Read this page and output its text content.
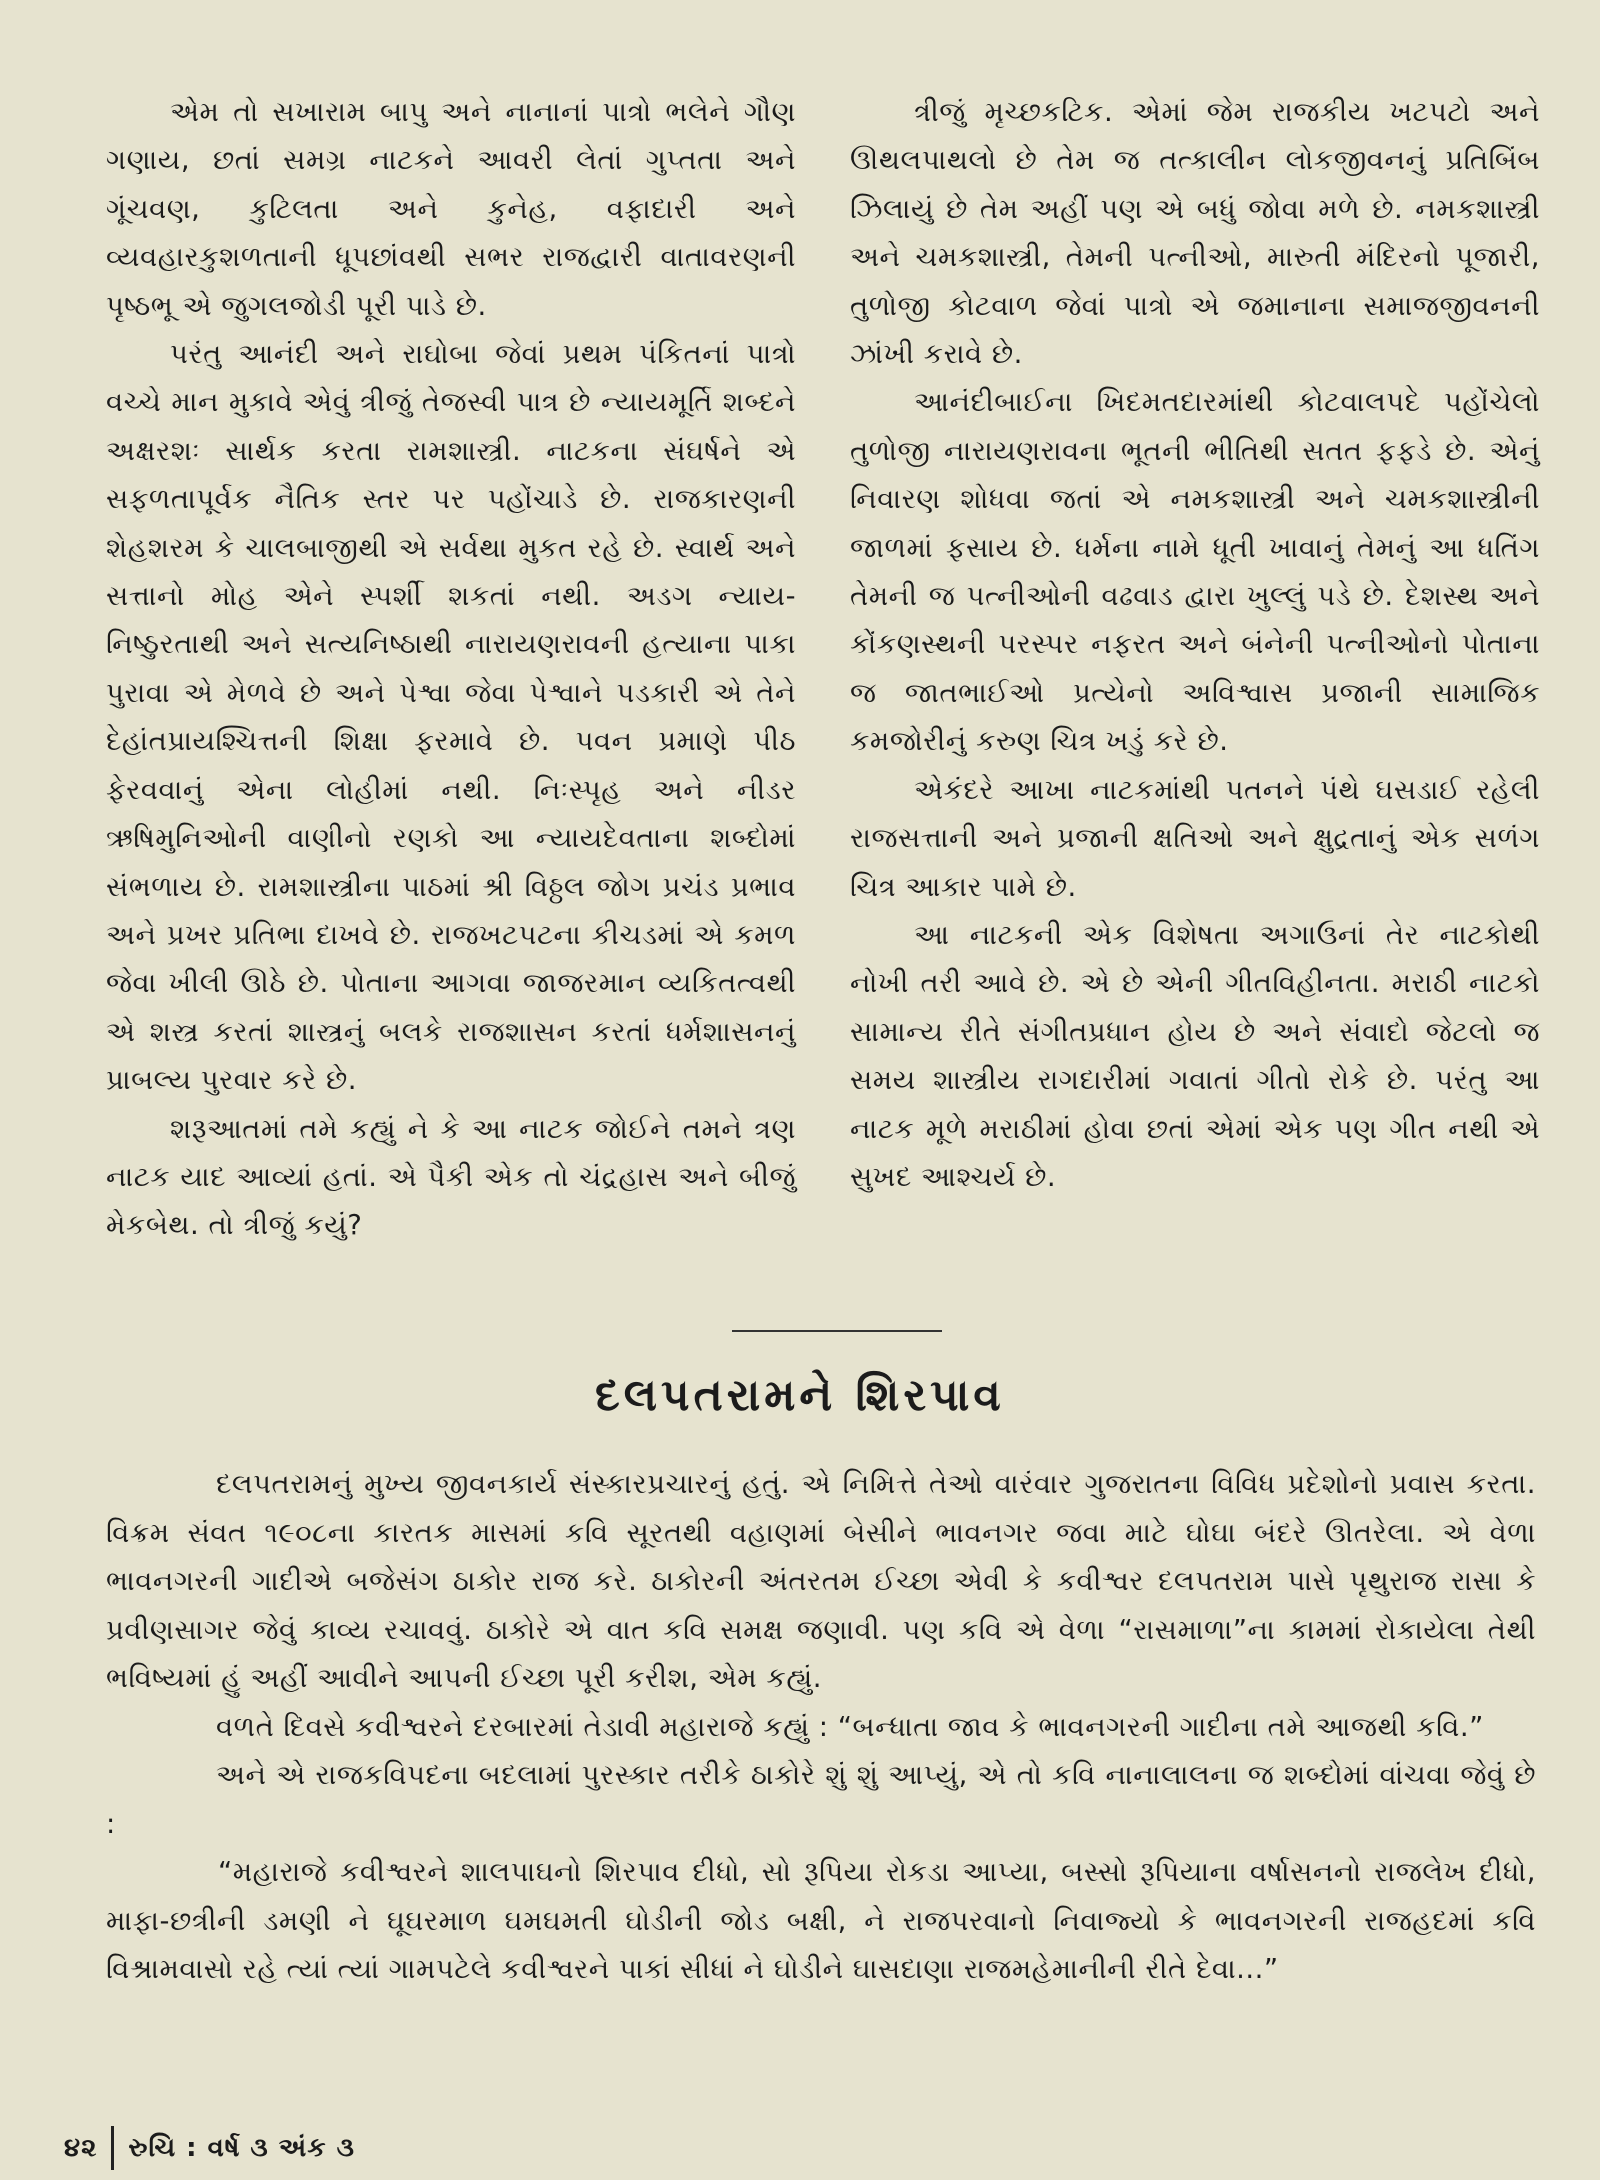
એમ તો સખારામ બાપુ અને નાનાનાં પાત્રો ભલેને ગૌણ ગણાય, છતાં સમગ્ર નાટકને આવરી લેતાં ગુપ્તતા અને ગૂંચવણ, કુટિલતા અને કુનેહ, વફાદારી અને વ્યવહારકુશળતાની ધૂપછાંવથી સભર રાજદ્વારી વાતાવરણની પૃષ્ઠભૂ એ જુગલજોડી પૂરી પાડે છે.

પરંતુ આનંદી અને રાઘોબા જેવાં પ્રથમ પંકિતનાં પાત્રો વચ્ચે માન મુકાવે એવું ત્રીજું તેજસ્વી પાત્ર છે ન્યાયમૂર્તિ શબ્દને અક્ષરશઃ સાર્થક કરતા રામશાસ્ત્રી. નાટકના સંઘર્ષને એ સફળતાપૂર્વક નૈતિક સ્તર પર પહોંચાડે છે. રાજકારણની શેહશરમ કે ચાલબાજીથી એ સર્વથા મુકત રહે છે. સ્વાર્થ અને સત્તાનો મોહ એને સ્પર્શી શકતાં નથી. અડગ ન્યાય-નિષ્ઠુરતાથી અને સત્યનિષ્ઠાથી નારાયણરાવની હત્યાના પાકા પુરાવા એ મેળવે છે અને પેશ્વા જેવા પેશ્વાને પડકારી એ તેને દેહાંતપ્રાયશ્ચિત્તની શિક્ષા ફરમાવે છે. પવન પ્રમાણે પીઠ ફેરવવાનું એના લોહીમાં નથી. નિઃસ્પૃહ અને નીડર ઋષિમુનિઓની વાણીનો રણકો આ ન્યાયદેવતાના શબ્દોમાં સંભળાય છે. રામશાસ્ત્રીના પાઠમાં શ્રી વિઠ્ઠલ જોગ પ્રચંડ પ્રભાવ અને પ્રખર પ્રતિભા દાખવે છે. રાજખટપટના કીચડમાં એ કમળ જેવા ખીલી ઊઠે છે. પોતાના આગવા જાજરમાન વ્યકિતત્વથી એ શસ્ત્ર કરતાં શાસ્ત્રનું બલકે રાજશાસન કરતાં ધર્મશાસનનું પ્રાબલ્ય પુરવાર કરે છે.

શરૂઆતમાં તમે કહ્યું ને કે આ નાટક જોઈને તમને ત્રણ નાટક યાદ આવ્યાં હતાં. એ પૈકી એક તો ચંદ્રહાસ અને બીજું મેકબેથ. તો ત્રીજું કયું?

ત્રીજું મૃચ્છકટિક. એમાં જેમ રાજકીય ખટપટો અને ઊથલપાથલો છે તેમ જ તત્કાલીન લોકજીવનનું પ્રતિબિંબ ઝિલાયું છે તેમ અહીં પણ એ બધું જોવા મળે છે. નમકશાસ્ત્રી અને ચમકશાસ્ત્રી, તેમની પત્નીઓ, મારુતી મંદિરનો પૂજારી, તુળોજી કોટવાળ જેવાં પાત્રો એ જમાનાના સમાજજીવનની ઝાંખી કરાવે છે.

આનંદીબાઈના ખિદમતદારમાંથી કોટવાલપદે પહોંચેલો તુળોજી નારાયણરાવના ભૂતની ભીતિથી સતત ફફડે છે. એનું નિવારણ શોધવા જતાં એ નમકશાસ્ત્રી અને ચમકશાસ્ત્રીની જાળમાં ફસાય છે. ધર્મના નામે ધૂતી ખાવાનું તેમનું આ ધતિંગ તેમની જ પત્નીઓની વઢવાડ દ્વારા ખુલ્લું પડે છે. દેશસ્થ અને કોંકણસ્થની પરસ્પર નફરત અને બંનેની પત્નીઓનો પોતાના જ જાતભાઈઓ પ્રત્યેનો અવિશ્વાસ પ્રજાની સામાજિક કમજોરીનું કરુણ ચિત્ર ખડું કરે છે.

એકંદરે આખા નાટકમાંથી પતનને પંથે ઘસડાઈ રહેલી રાજસત્તાની અને પ્રજાની ક્ષતિઓ અને ક્ષુદ્રતાનું એક સળંગ ચિત્ર આકાર પામે છે.

આ નાટકની એક વિશેષતા અગાઉનાં તેર નાટકોથી નોખી તરી આવે છે. એ છે એની ગીતવિહીનતા. મરાઠી નાટકો સામાન્ય રીતે સંગીતપ્રધાન હોય છે અને સંવાદો જેટલો જ સમય શાસ્ત્રીય રાગદારીમાં ગવાતાં ગીતો રોકે છે. પરંતુ આ નાટક મૂળે મરાઠીમાં હોવા છતાં એમાં એક પણ ગીત નથી એ સુખદ આશ્ચર્ય છે.

દલપતરામને શિરપાવ

દલપતરામનું મુખ્ય જીવનકાર્ય સંસ્કારપ્રચારનું હતું. એ નિમિત્તે તેઓ વારંવાર ગુજરાતના વિવિધ પ્રદેશોનો પ્રવાસ કરતા. વિક્રમ સંવત ૧૯૦૮ના કારતક માસમાં કવિ સૂરતથી વહાણમાં બેસીને ભાવનગર જવા માટે ઘોઘા બંદરે ઊતરેલા. એ વેળા ભાવનગરની ગાદીએ બજેસંગ ઠાકોર રાજ કરે. ઠાકોરની અંતરતમ ઈચ્છા એવી કે કવીશ્વર દલપતરામ પાસે પૃથુરાજ રાસા કે પ્રવીણસાગર જેવું કાવ્ય રચાવવું. ઠાકોરે એ વાત કવિ સમક્ષ જણાવી. પણ કવિ એ વેળા “રાસમાળા”ના કામમાં રોકાયેલા તેથી ભવિષ્યમાં હું અહીં આવીને આપની ઈચ્છા પૂરી કરીશ, એમ કહ્યું.

વળતે દિવસે કવીશ્વરને દરબારમાં તેડાવી મહારાજે કહ્યું : “બન્ધાતા જાવ કે ભાવનગરની ગાદીના તમે આજથી કવિ.”

અને એ રાજકવિપદના બદલામાં પુરસ્કાર તરીકે ઠાકોરે શું શું આપ્યું, એ તો કવિ નાનાલાલના જ શબ્દોમાં વાંચવા જેવું છે :

“મહારાજે કવીશ્વરને શાલપાઘનો શિરપાવ દીધો, સો રૂપિયા રોકડા આપ્યા, બસ્સો રૂપિયાના વર્ષાસનનો રાજલેખ દીધો, માફા-છત્રીની ડમણી ને ઘૂઘરમાળ ઘમઘમતી ઘોડીની જોડ બક્ષી, ને રાજપરવાનો નિવાજ્યો કે ભાવનગરની રાજહદમાં કવિ વિશ્રામવાસો રહે ત્યાં ત્યાં ગામપટેલે કવીશ્વરને પાકાં સીધાં ને ઘોડીને ઘાસદાણા રાજમહેમાનીની રીતે દેવા...”

૪૨ રુચિ : વર્ષ ૩ અંક ૩
